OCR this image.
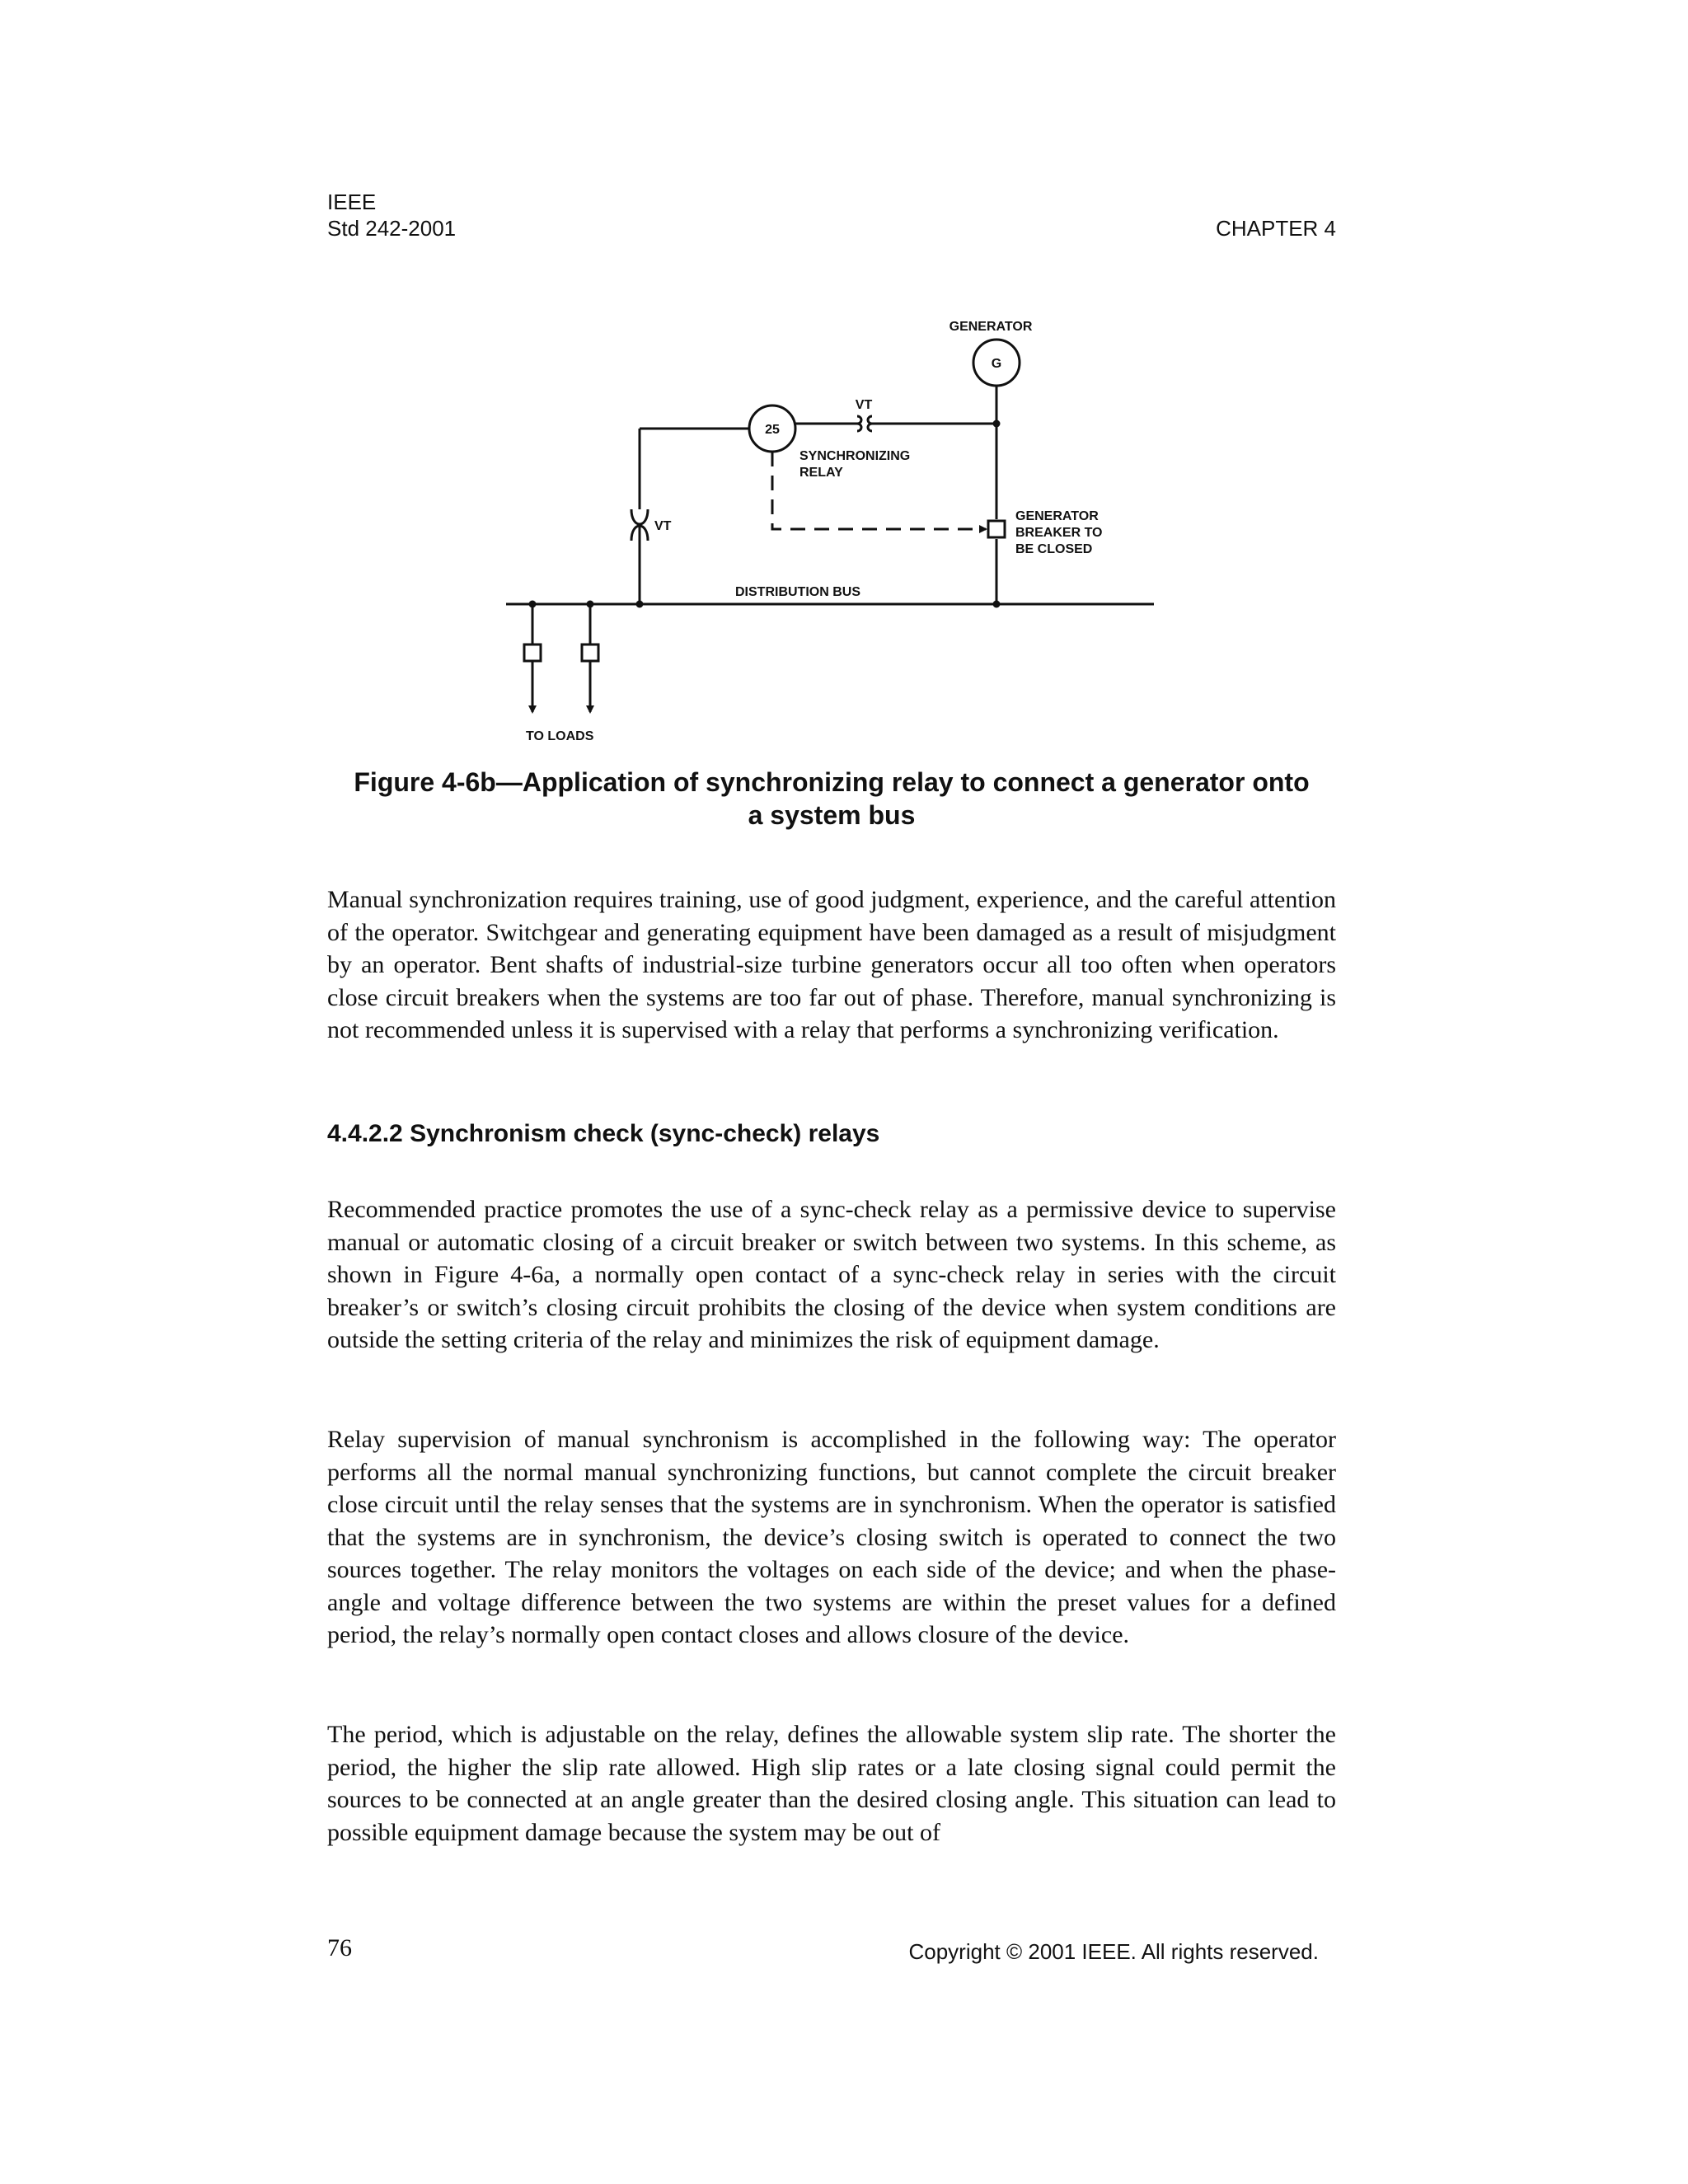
IEEE
Std 242-2001	CHAPTER 4
GENERATOR
G
GENERATOR
BREAKER TO
BE CLOSED
25
SYNCHRONIZING
RELAY
VT
VT
DISTRIBUTION BUS
TO LOADS
Figure 4-6b—Application of synchronizing relay to connect a generator onto
a system bus

Manual synchronization requires training, use of good judgment, experience, and the careful attention of the operator. Switchgear and generating equipment have been damaged as a result of misjudgment by an operator. Bent shafts of industrial-size turbine generators occur all too often when operators close circuit breakers when the systems are too far out of phase. Therefore, manual synchronizing is not recommended unless it is supervised with a relay that performs a synchronizing verification.

4.4.2.2 Synchronism check (sync-check) relays

Recommended practice promotes the use of a sync-check relay as a permissive device to supervise manual or automatic closing of a circuit breaker or switch between two systems. In this scheme, as shown in Figure 4-6a, a normally open contact of a sync-check relay in series with the circuit breaker’s or switch’s closing circuit prohibits the closing of the device when system conditions are outside the setting criteria of the relay and minimizes the risk of equipment damage.

Relay supervision of manual synchronism is accomplished in the following way: The operator performs all the normal manual synchronizing functions, but cannot complete the circuit breaker close circuit until the relay senses that the systems are in synchronism. When the operator is satisfied that the systems are in synchronism, the device’s closing switch is operated to connect the two sources together. The relay monitors the voltages on each side of the device; and when the phase-angle and voltage difference between the two systems are within the preset values for a defined period, the relay’s normally open contact closes and allows closure of the device.

The period, which is adjustable on the relay, defines the allowable system slip rate. The shorter the period, the higher the slip rate allowed. High slip rates or a late closing signal could permit the sources to be connected at an angle greater than the desired closing angle. This situation can lead to possible equipment damage because the system may be out of

76	Copyright © 2001 IEEE. All rights reserved.
